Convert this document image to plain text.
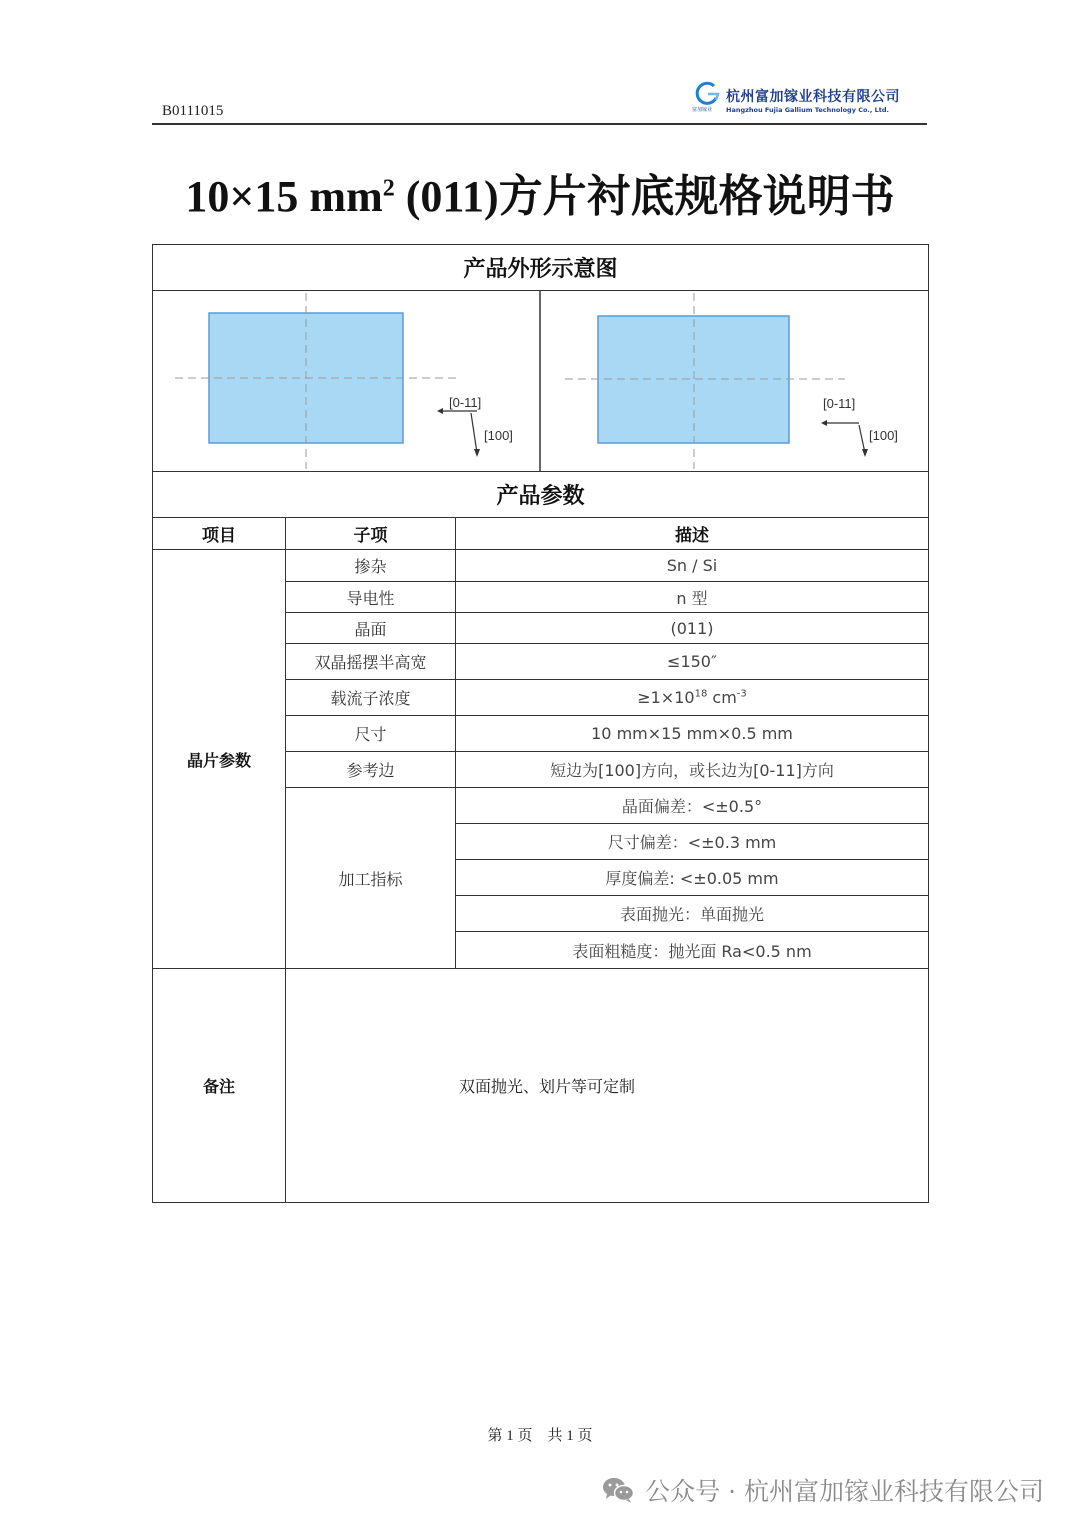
B0111015	富加镓业
杭州富加镓业科技有限公司
Hangzhou Fujia Gallium Technology Co., Ltd.
10×15 $mm^2$ (011)方片衬底规格说明书
产品外形示意图		

[0-11]
[100]
[0-11]
[100]		

产品参数		
项目	子项	描述
晶片参数	掺杂	Sn / Si
	导电性	n 型
	晶面	(011)
	双晶摇摆半高宽	≤150″
	载流子浓度	$\ge 1\times 10^{18}$ $cm^{-3}$
	尺寸	10 mm×15 mm×0.5 mm
	参考边	短边为[100]方向，或长边为[0-11]方向
	加工指标	晶面偏差：<±0.5°
		尺寸偏差：<±0.3 mm
		厚度偏差: <±0.05 mm
		表面抛光：单面抛光
		表面粗糙度：抛光面 Ra<0.5 nm
备注	双面抛光、划片等可定制	
第 1 页    共 1 页
公众号 · 杭州富加镓业科技有限公司
